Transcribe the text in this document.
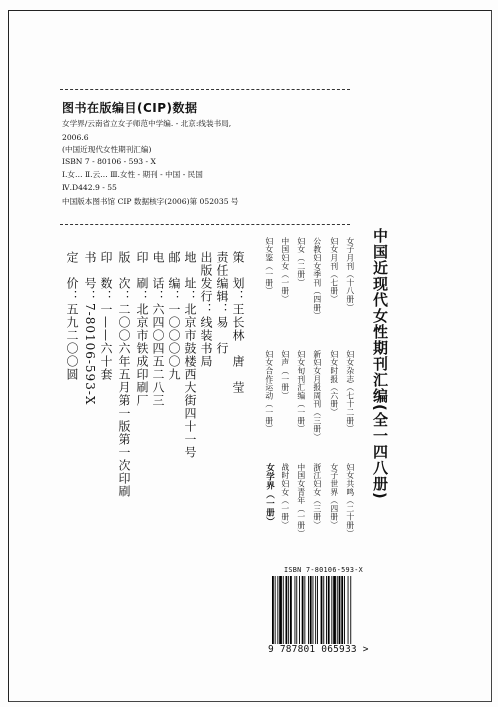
图书在版编目(CIP)数据
女学界/云南省立女子师范中学编. - 北京:线装书局,
2006.6
(中国近现代女性期刊汇编)
ISBN 7 - 80106 - 593 - X
Ⅰ.女… Ⅱ.云… Ⅲ.女性 - 期刊 - 中国 - 民国
Ⅳ.D442.9 - 55
中国版本图书馆 CIP 数据核字(2006)第 052035 号
策　划：王长林　唐　莹
责任编辑：易　行
出版发行：线装书局
地　址：北京市鼓楼西大街四十一号
邮　编：一〇〇〇〇九
电　话：六四〇四五二八三
印　刷：北京市铁成印刷厂
版　次：二〇〇六年五月第一版第一次印刷
印　数：一——六十套
书　号：7-80106-593-X
定　价：五九二〇〇圆	中国近现代女性期刊汇编(全一四八册)
女子月刊（十八册）
妇女月刊（七册）
公教妇女季刊（四册）
妇女（二册）
中国妇女（一册）
妇女鉴（一册）
妇女杂志（七十二册）
妇女时报（六册）
新妇女月报周刊（三册）
妇女旬刊汇编（一册）
妇声（一册）
妇女合作运动（一册）
妇女共鸣（二十册）
女子世界（四册）
浙江妇女（三册）
中国女青年（一册）
战时妇女（一册）
女学界（一册）
ISBN 7-80106-593-X
9 787801 065933 >
